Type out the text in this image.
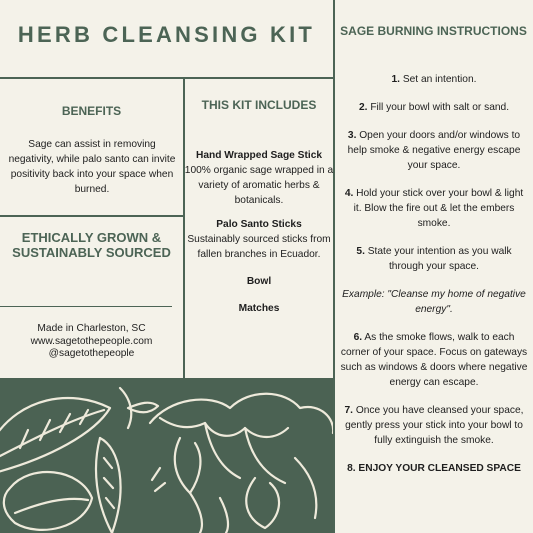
HERB CLEANSING KIT
BENEFITS
Sage can assist in removing negativity, while palo santo can invite positivity back into your space when burned.
ETHICALLY GROWN & SUSTAINABLY SOURCED
Made in Charleston, SC
www.sagetothepeople.com
@sagetothepeople
THIS KIT INCLUDES
Hand Wrapped Sage Stick
100% organic sage wrapped in a variety of aromatic herbs & botanicals.
Palo Santo Sticks
Sustainably sourced sticks from fallen branches in Ecuador.
Bowl
Matches
SAGE BURNING INSTRUCTIONS
1. Set an intention.
2. Fill your bowl with salt or sand.
3. Open your doors and/or windows to help smoke & negative energy escape your space.
4. Hold your stick over your bowl & light it. Blow the fire out & let the embers smoke.
5. State your intention as you walk through your space.
Example: "Cleanse my home of negative energy".
6. As the smoke flows, walk to each corner of your space. Focus on gateways such as windows & doors where negative energy can escape.
7. Once you have cleansed your space, gently press your stick into your bowl to fully extinguish the smoke.
8. ENJOY YOUR CLEANSED SPACE
